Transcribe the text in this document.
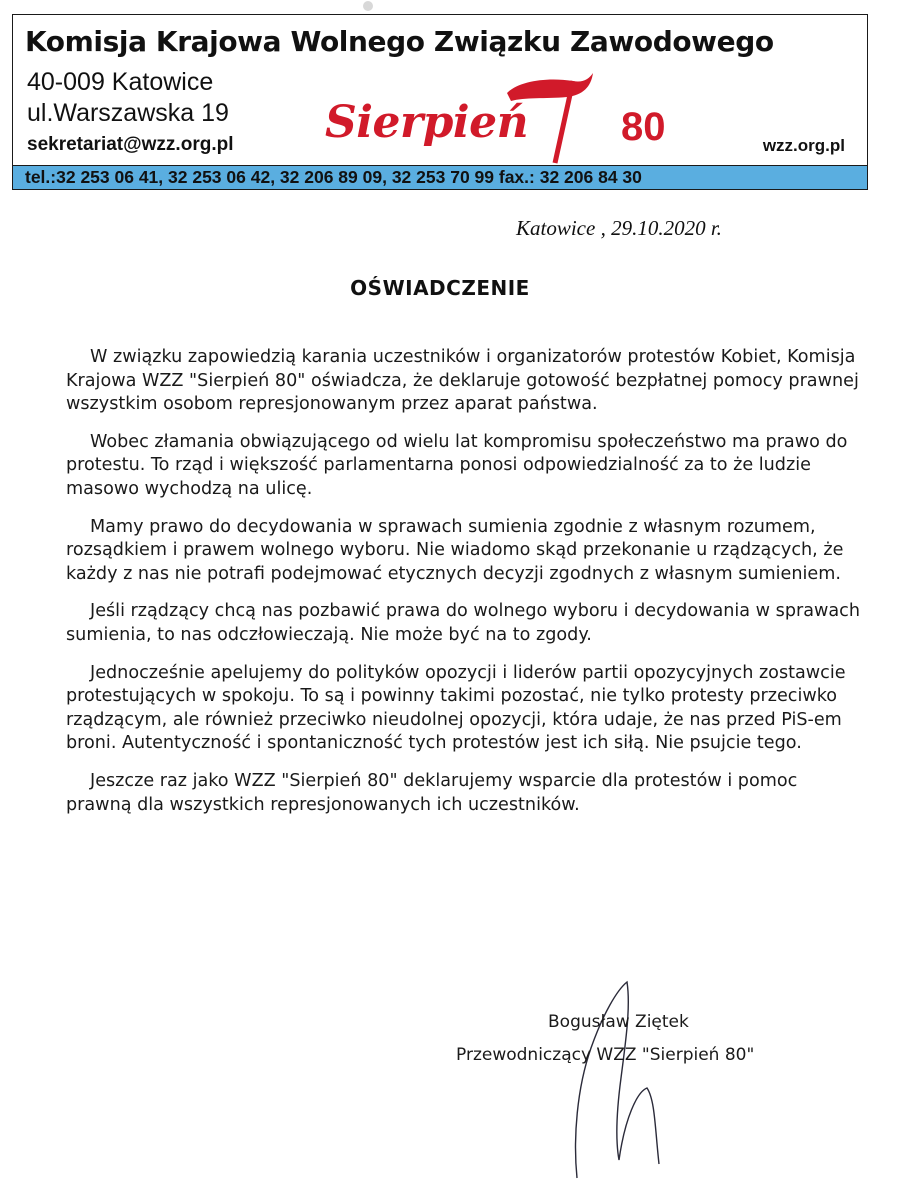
Komisja Krajowa Wolnego Związku Zawodowego
40-009 Katowice
ul.Warszawska 19
sekretariat@wzz.org.pl	wzz.org.pl
Sierpień 80
tel.:32 253 06 41, 32 253 06 42, 32 206 89 09, 32 253 70 99 fax.: 32 206 84 30
Katowice , 29.10.2020 r.
OŚWIADCZENIE

W związku zapowiedzią karania uczestników i organizatorów protestów Kobiet, Komisja Krajowa WZZ "Sierpień 80" oświadcza, że deklaruje gotowość bezpłatnej pomocy prawnej wszystkim osobom represjonowanym przez aparat państwa.

Wobec złamania obwiązującego od wielu lat kompromisu społeczeństwo ma prawo do protestu. To rząd i większość parlamentarna ponosi odpowiedzialność za to że ludzie masowo wychodzą na ulicę.

Mamy prawo do decydowania w sprawach sumienia zgodnie z własnym rozumem, rozsądkiem i prawem wolnego wyboru. Nie wiadomo skąd przekonanie u rządzących, że każdy z nas nie potrafi podejmować etycznych decyzji zgodnych z własnym sumieniem.

Jeśli rządzący chcą nas pozbawić prawa do wolnego wyboru i decydowania w sprawach sumienia, to nas odczłowieczają. Nie może być na to zgody.

Jednocześnie apelujemy do polityków opozycji i liderów partii opozycyjnych zostawcie protestujących w spokoju. To są i powinny takimi pozostać, nie tylko protesty przeciwko rządzącym, ale również przeciwko nieudolnej opozycji, która udaje, że nas przed PiS-em broni. Autentyczność i spontaniczność tych protestów jest ich siłą. Nie psujcie tego.

Jeszcze raz jako WZZ "Sierpień 80" deklarujemy wsparcie dla protestów i pomoc prawną dla wszystkich represjonowanych ich uczestników.

Bogusław Ziętek
Przewodniczący WZZ "Sierpień 80"
